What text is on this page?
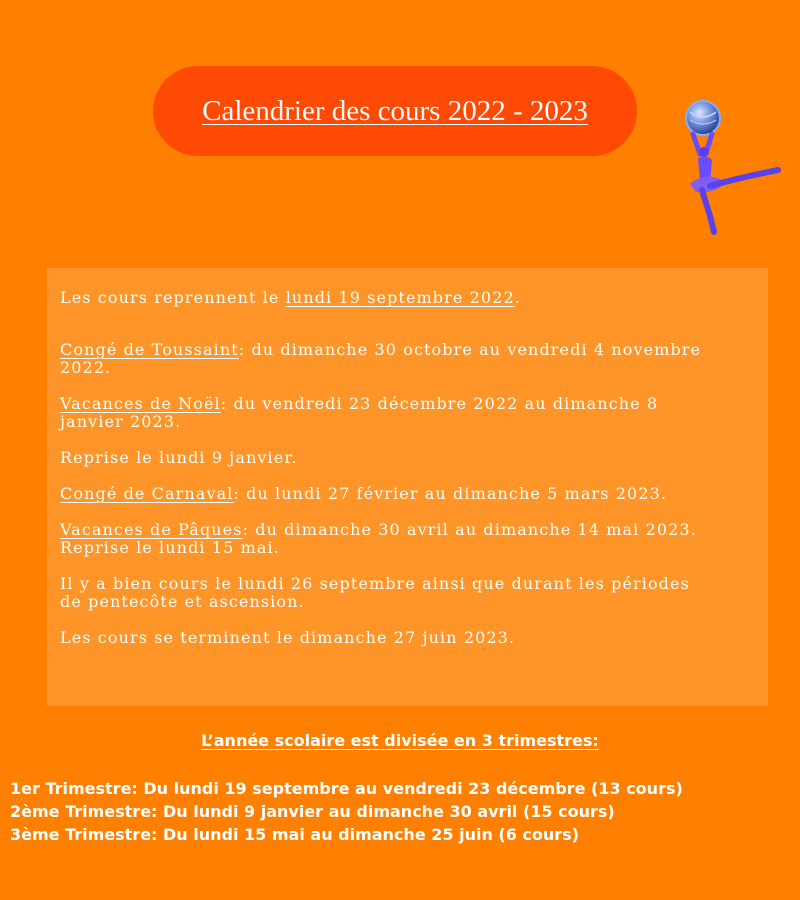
Calendrier des cours 2022 - 2023

Les cours reprennent le lundi 19 septembre 2022.

Congé de Toussaint: du dimanche 30 octobre au vendredi 4 novembre
2022.

Vacances de Noël: du vendredi 23 décembre 2022 au dimanche 8
janvier 2023.

Reprise le lundi 9 janvier.

Congé de Carnaval: du lundi 27 février au dimanche 5 mars 2023.

Vacances de Pâques: du dimanche 30 avril au dimanche 14 mai 2023.
Reprise le lundi 15 mai.

Il y a bien cours le lundi 26 septembre ainsi que durant les périodes
de pentecôte et ascension.

Les cours se terminent le dimanche 27 juin 2023.

L’année scolaire est divisée en 3 trimestres:
1er Trimestre: Du lundi 19 septembre au vendredi 23 décembre (13 cours)
2ème Trimestre: Du lundi 9 janvier au dimanche 30 avril (15 cours)
3ème Trimestre: Du lundi 15 mai au dimanche 25 juin (6 cours)
